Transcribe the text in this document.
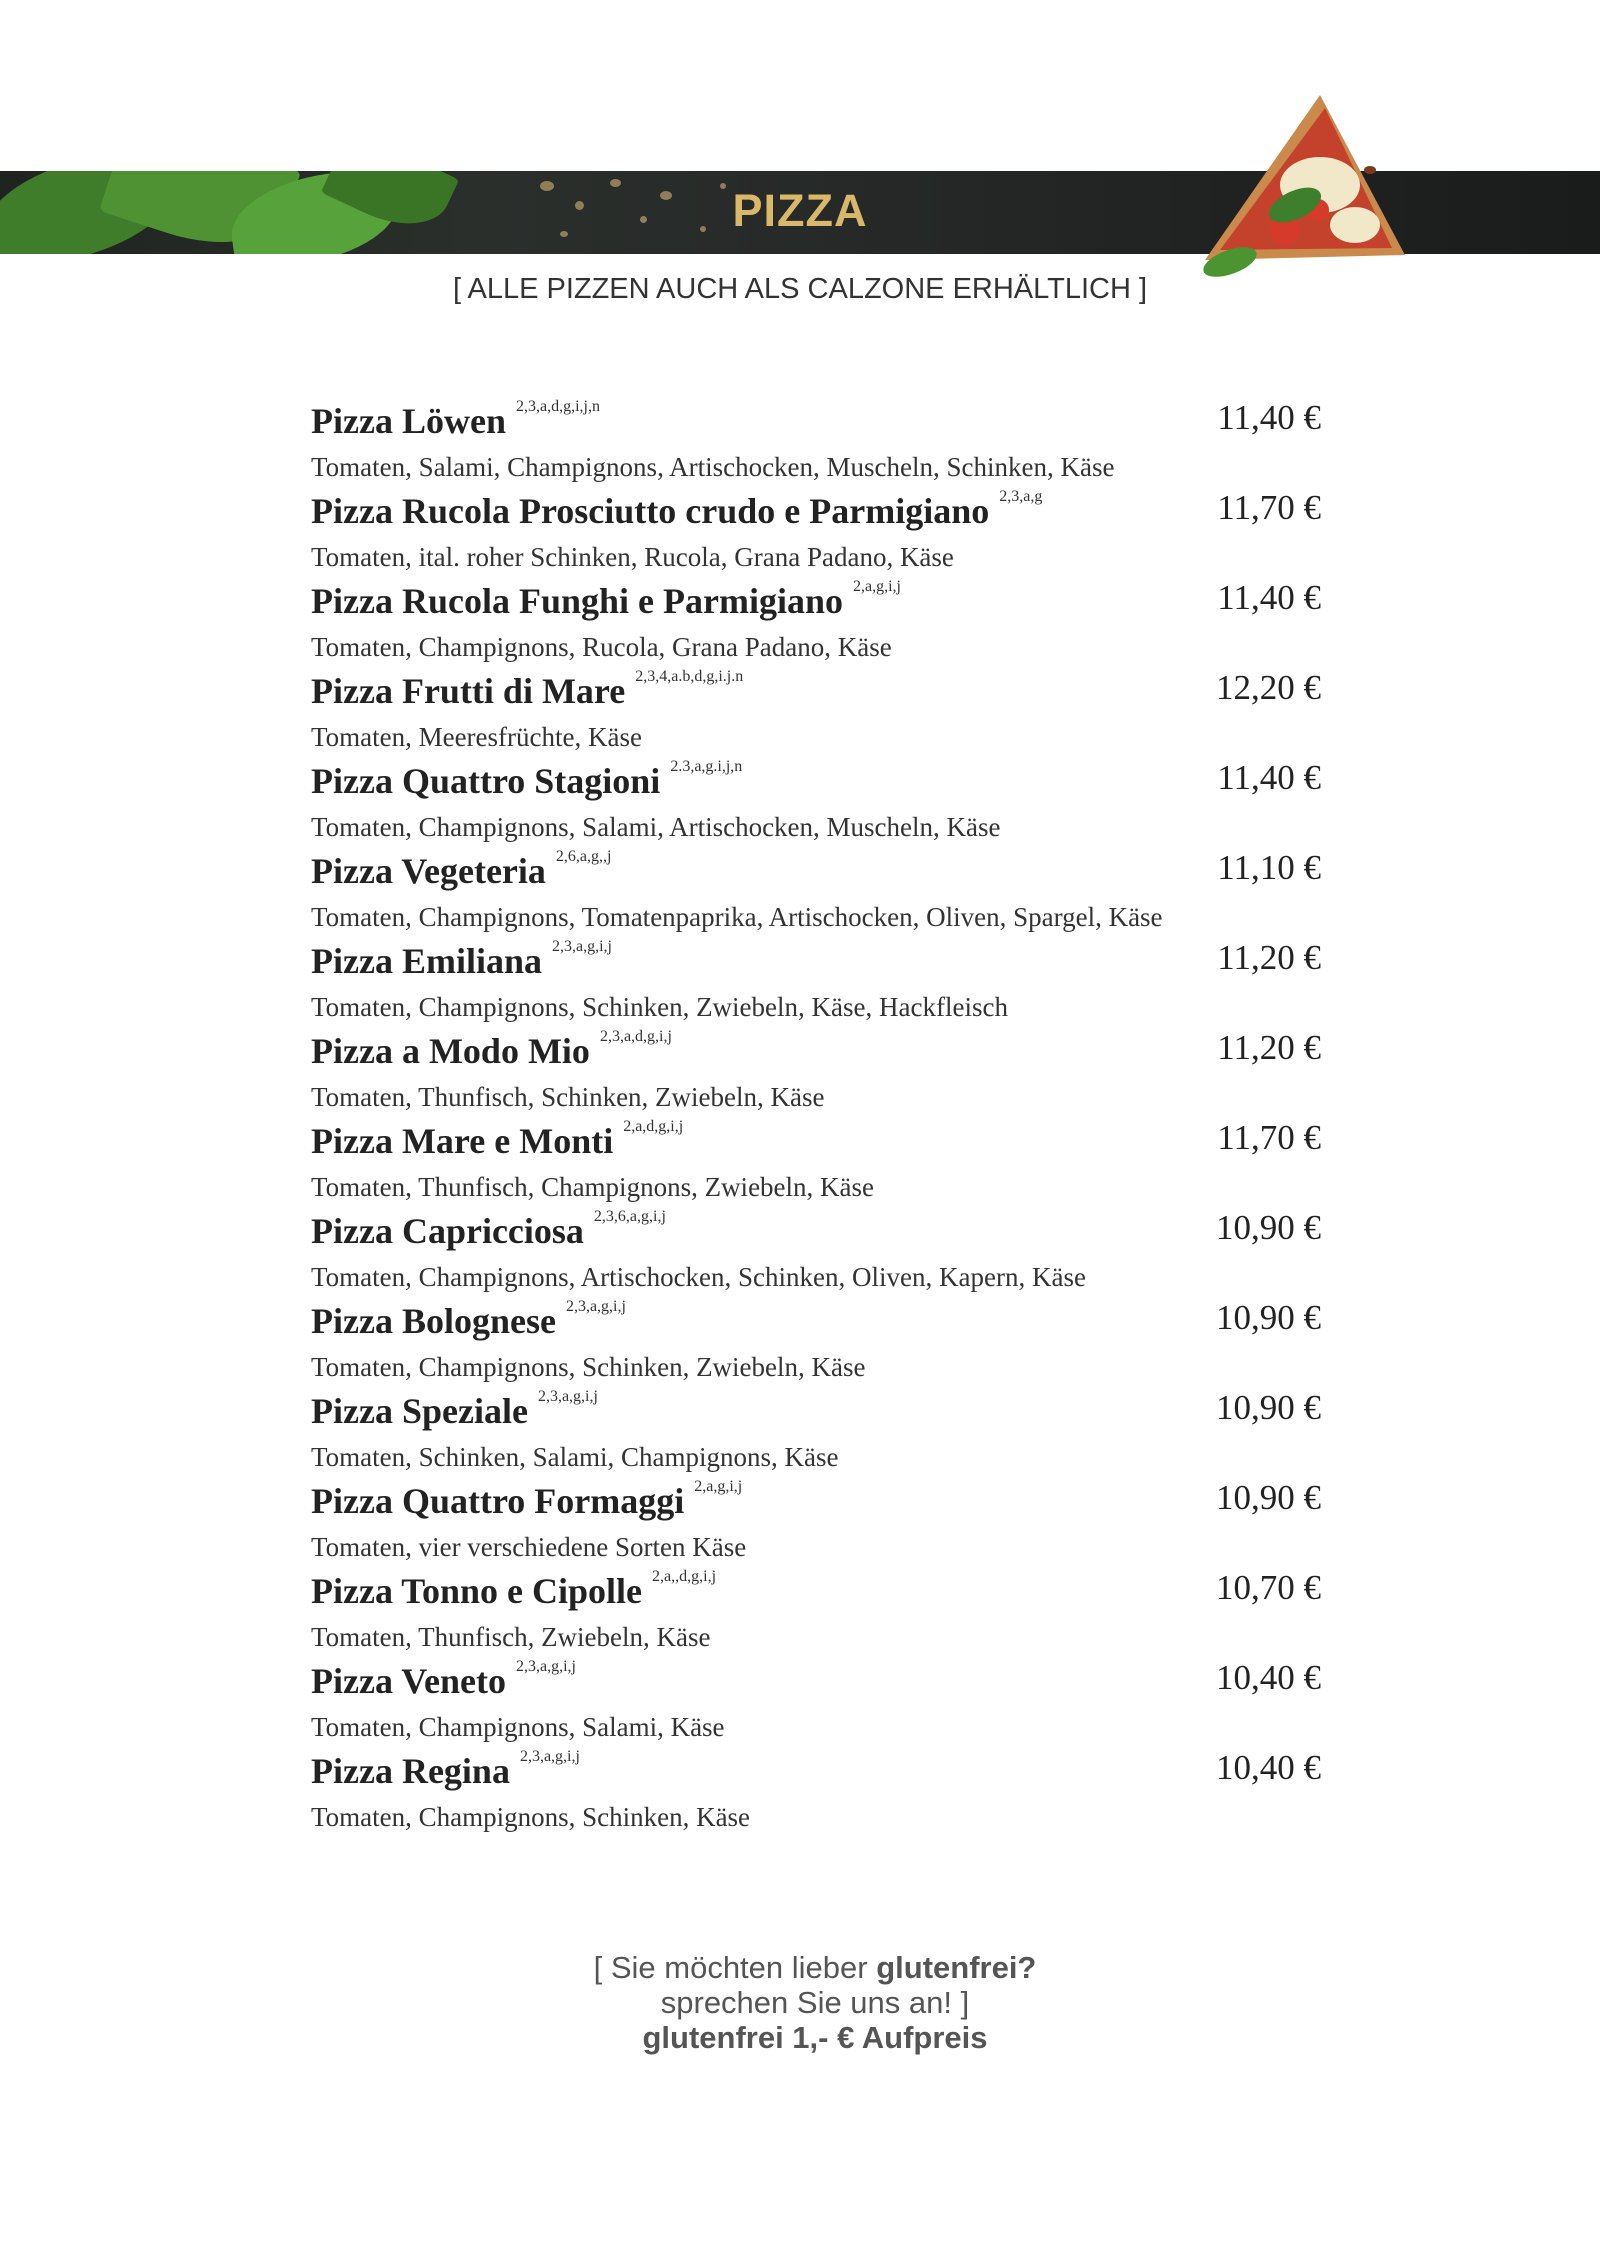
PIZZA
[ ALLE PIZZEN AUCH ALS CALZONE ERHÄLTLICH ]
Pizza Löwen 2,3,a,d,g,i,j,n	11,40 €
Tomaten, Salami, Champignons, Artischocken, Muscheln, Schinken, Käse
Pizza Rucola Prosciutto crudo e Parmigiano 2,3,a,g	11,70 €
Tomaten, ital. roher Schinken, Rucola, Grana Padano, Käse
Pizza Rucola Funghi e Parmigiano 2,a,g,i,j	11,40 €
Tomaten, Champignons, Rucola, Grana Padano, Käse
Pizza Frutti di Mare 2,3,4,a.b,d,g,i.j.n	12,20 €
Tomaten, Meeresfrüchte, Käse
Pizza Quattro Stagioni 2.3,a,g.i,j,n	11,40 €
Tomaten, Champignons, Salami, Artischocken, Muscheln, Käse
Pizza Vegeteria 2,6,a,g,,j	11,10 €
Tomaten, Champignons, Tomatenpaprika, Artischocken, Oliven, Spargel, Käse
Pizza Emiliana 2,3,a,g,i,j	11,20 €
Tomaten, Champignons, Schinken, Zwiebeln, Käse, Hackfleisch
Pizza a Modo Mio 2,3,a,d,g,i,j	11,20 €
Tomaten, Thunfisch, Schinken, Zwiebeln, Käse
Pizza Mare e Monti 2,a,d,g,i,j	11,70 €
Tomaten, Thunfisch, Champignons, Zwiebeln, Käse
Pizza Capricciosa 2,3,6,a,g,i,j	10,90 €
Tomaten, Champignons, Artischocken, Schinken, Oliven, Kapern, Käse
Pizza Bolognese 2,3,a,g,i,j	10,90 €
Tomaten, Champignons, Schinken, Zwiebeln, Käse
Pizza Speziale 2,3,a,g,i,j	10,90 €
Tomaten, Schinken, Salami, Champignons, Käse
Pizza Quattro Formaggi 2,a,g,i,j	10,90 €
Tomaten, vier verschiedene Sorten Käse
Pizza Tonno e Cipolle 2,a,,d,g,i,j	10,70 €
Tomaten, Thunfisch, Zwiebeln, Käse
Pizza Veneto 2,3,a,g,i,j	10,40 €
Tomaten, Champignons, Salami, Käse
Pizza Regina 2,3,a,g,i,j	10,40 €
Tomaten, Champignons, Schinken, Käse
[ Sie möchten lieber glutenfrei?
sprechen Sie uns an! ]
glutenfrei 1,- € Aufpreis
